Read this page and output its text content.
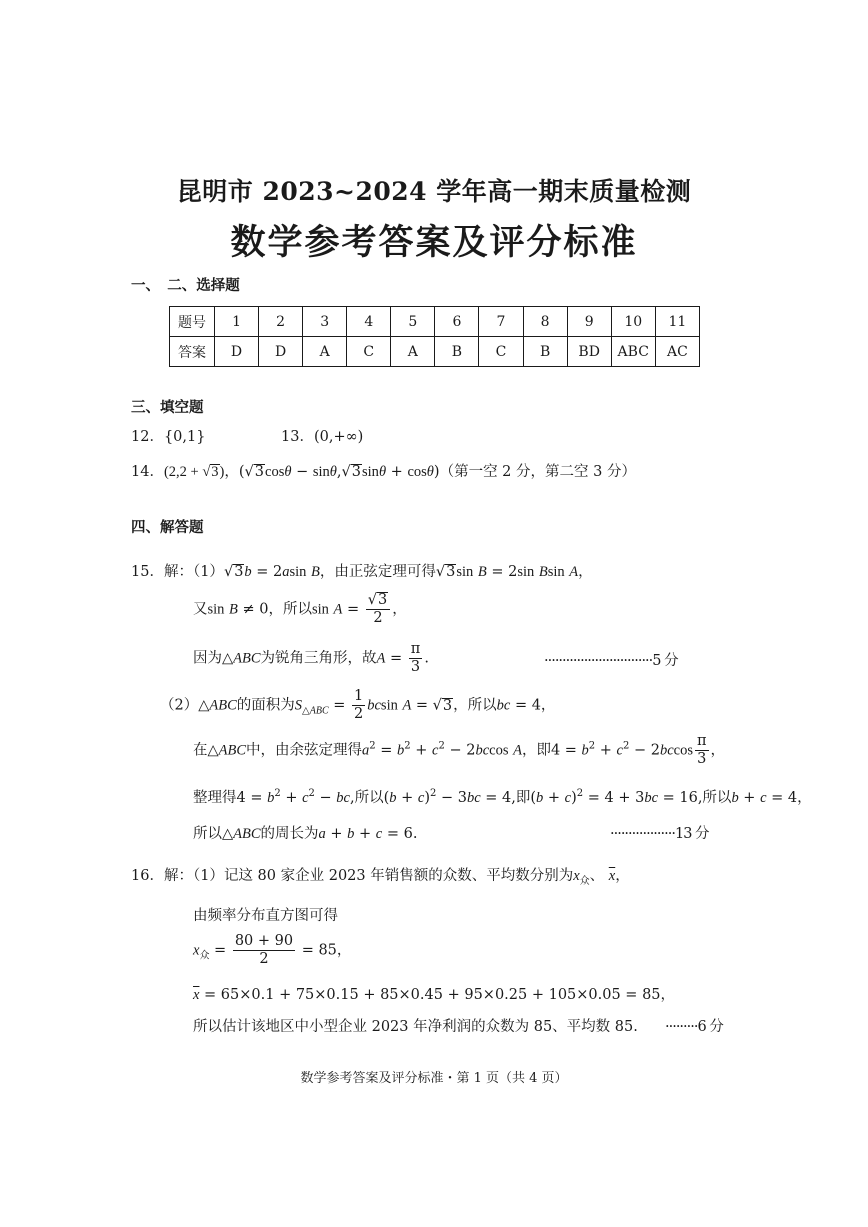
昆明市 2023~2024 学年高一期末质量检测
数学参考答案及评分标准
一、　二、选择题
题号	1	2	3	4	5	6	7	8	9	10	11
答案	D	D	A	C	A	B	C	B	BD	ABC	AC
三、填空题
12．{0,1}	13．(0,+∞)
14．(2,2 + √3)，(√3cosθ − sinθ,√3sinθ + cosθ)（第一空 2 分，第二空 3 分）
四、解答题
15．解：（1）√3b = 2asin B，由正弦定理可得√3sin B = 2sin Bsin A，
又sin B ≠ 0，所以$\sin A = \frac{√3}{2}$ ，
因为△ABC为锐角三角形，故$A = \frac{\pi}{3}$ .	······························5 分
（2）△ABC的面积为$S_{\triangle ABC} = \frac{1}{2}$ bcsin A = √3，所以bc = 4，
在△ABC中，由余弦定理得$a^2 = b^2 + c^2 - 2bccos$ A，即$4 = b^2 + c^2 - 2bccos \frac{\pi}{3}$ ，
整理得$4 = b^2 + c^2$ − bc,所以$(b + c)^2 - 3bc = 4$,即$(b + c)^2 = 4 + 3bc = 16$,所以b + c = 4，
所以△ABC的周长为a + b + c = 6.	··················13 分
16．解：（1）记这 80 家企业 2023 年销售额的众数、平均数分别为$x_众$、 $\overline{x}$，
由频率分布直方图可得
$x_众 = \frac{80 + 90}{2} = 85$，
$\overline{x} = 65\times 0.1 + 75\times 0.15 + 85\times 0.45 + 95\times 0.25 + 105\times 0.05 = 85$，
所以估计该地区中小型企业 2023 年净利润的众数为 85、平均数 85. ·········6 分
数学参考答案及评分标准・第 1 页（共 4 页）
